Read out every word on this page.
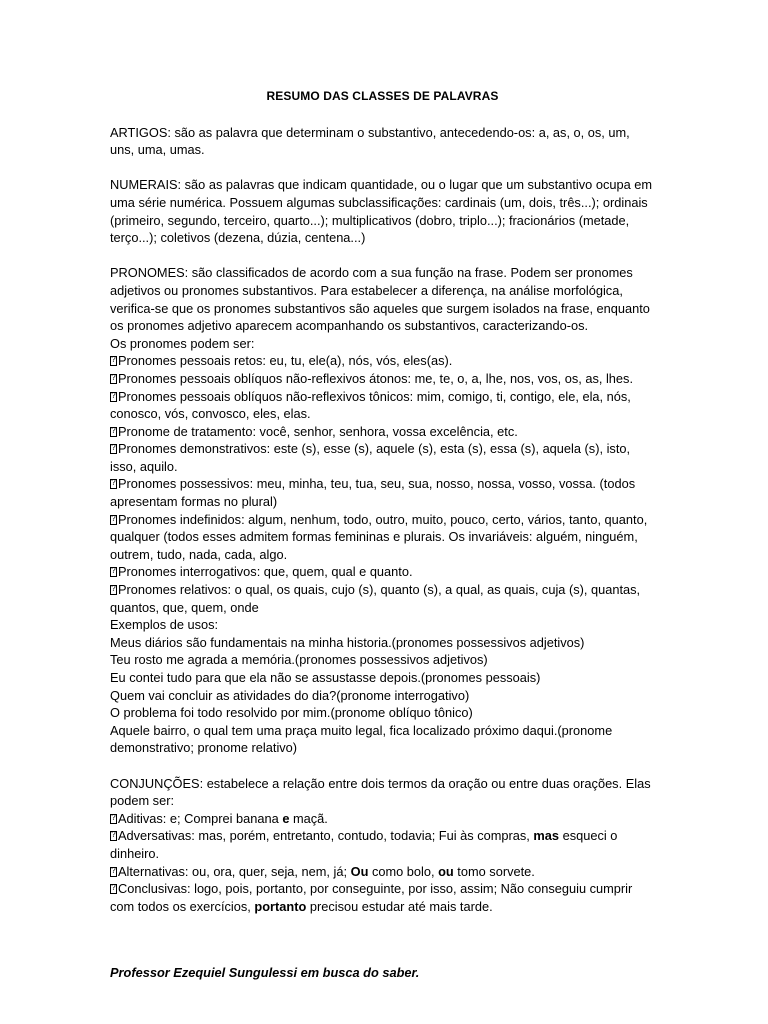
RESUMO DAS CLASSES DE PALAVRAS

ARTIGOS: são as palavra que determinam o substantivo, antecedendo-os: a, as, o, os, um, uns, uma, umas.

NUMERAIS: são as palavras que indicam quantidade, ou o lugar que um substantivo ocupa em uma série numérica. Possuem algumas subclassificações: cardinais (um, dois, três...); ordinais (primeiro, segundo, terceiro, quarto...); multiplicativos (dobro, triplo...); fracionários (metade, terço...); coletivos (dezena, dúzia, centena...)

PRONOMES: são classificados de acordo com a sua função na frase. Podem ser pronomes adjetivos ou pronomes substantivos. Para estabelecer a diferença, na análise morfológica, verifica-se que os pronomes substantivos são aqueles que surgem isolados na frase, enquanto os pronomes adjetivo aparecem acompanhando os substantivos, caracterizando-os.

Os pronomes podem ser:

?Pronomes pessoais retos: eu, tu, ele(a), nós, vós, eles(as).

?Pronomes pessoais oblíquos não-reflexivos átonos: me, te, o, a, lhe, nos, vos, os, as, lhes.

?Pronomes pessoais oblíquos não-reflexivos tônicos: mim, comigo, ti, contigo, ele, ela, nós, conosco, vós, convosco, eles, elas.

?Pronome de tratamento: você, senhor, senhora, vossa excelência, etc.

?Pronomes demonstrativos: este (s), esse (s), aquele (s), esta (s), essa (s), aquela (s), isto, isso, aquilo.

?Pronomes possessivos: meu, minha, teu, tua, seu, sua, nosso, nossa, vosso, vossa. (todos apresentam formas no plural)

?Pronomes indefinidos: algum, nenhum, todo, outro, muito, pouco, certo, vários, tanto, quanto, qualquer (todos esses admitem formas femininas e plurais. Os invariáveis: alguém, ninguém, outrem, tudo, nada, cada, algo.

?Pronomes interrogativos: que, quem, qual e quanto.

?Pronomes relativos: o qual, os quais, cujo (s), quanto (s), a qual, as quais, cuja (s), quantas, quantos, que, quem, onde

Exemplos de usos:

Meus diários são fundamentais na minha historia.(pronomes possessivos adjetivos)

Teu rosto me agrada a memória.(pronomes possessivos adjetivos)

Eu contei tudo para que ela não se assustasse depois.(pronomes pessoais)

Quem vai concluir as atividades do dia?(pronome interrogativo)

O problema foi todo resolvido por mim.(pronome oblíquo tônico)

Aquele bairro, o qual tem uma praça muito legal, fica localizado próximo daqui.(pronome demonstrativo; pronome relativo)

CONJUNÇÕES: estabelece a relação entre dois termos da oração ou entre duas orações. Elas podem ser:

?Aditivas: e; Comprei banana e maçã.

?Adversativas: mas, porém, entretanto, contudo, todavia; Fui às compras, mas esqueci o dinheiro.

?Alternativas: ou, ora, quer, seja, nem, já; Ou como bolo, ou tomo sorvete.

?Conclusivas: logo, pois, portanto, por conseguinte, por isso, assim; Não conseguiu cumprir com todos os exercícios, portanto precisou estudar até mais tarde.

Professor Ezequiel Sungulessi em busca do saber.
